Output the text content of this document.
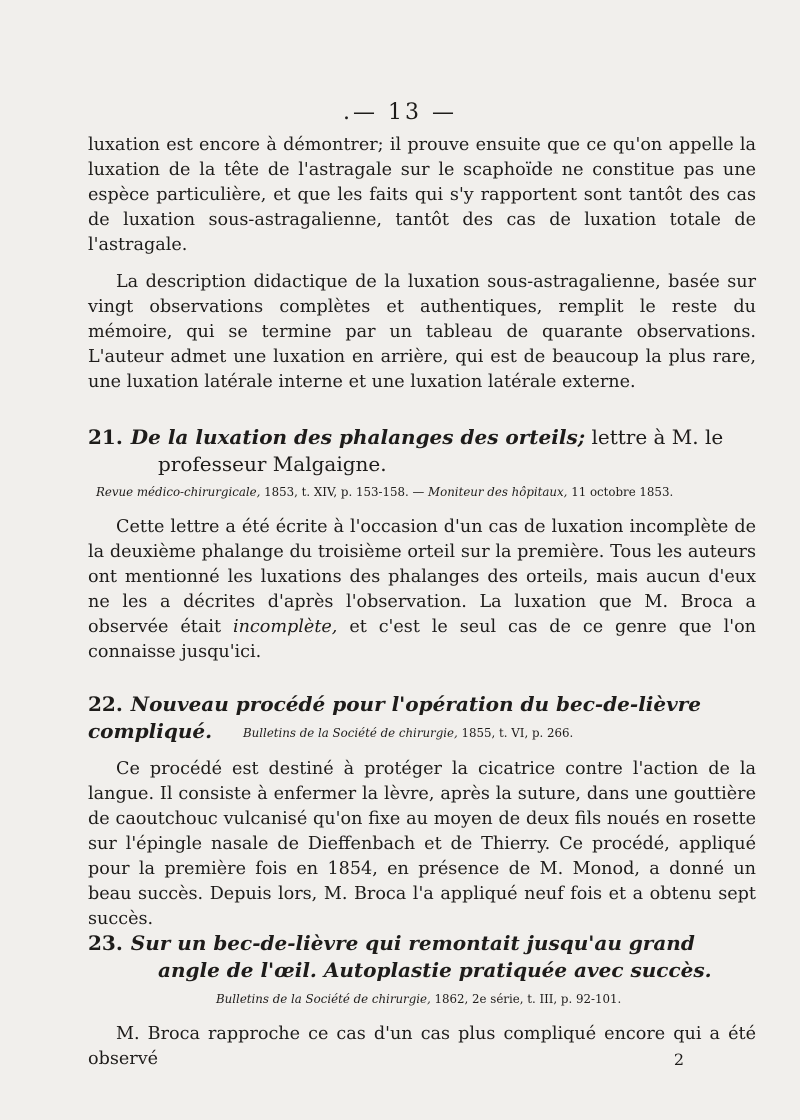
.— 13 —

luxation est encore à démontrer; il prouve ensuite que ce qu'on appelle la luxation de la tête de l'astragale sur le scaphoïde ne constitue pas une espèce particulière, et que les faits qui s'y rapportent sont tantôt des cas de luxation sous-astragalienne, tantôt des cas de luxation totale de l'astragale.

La description didactique de la luxation sous-astragalienne, basée sur vingt observations complètes et authentiques, remplit le reste du mémoire, qui se termine par un tableau de quarante observations. L'auteur admet une luxation en arrière, qui est de beaucoup la plus rare, une luxation latérale interne et une luxation latérale externe.

21. De la luxation des phalanges des orteils; lettre à M. le professeur Malgaigne.
Revue médico-chirurgicale, 1853, t. XIV, p. 153-158. — Moniteur des hôpitaux, 11 octobre 1853.

Cette lettre a été écrite à l'occasion d'un cas de luxation incomplète de la deuxième phalange du troisième orteil sur la première. Tous les auteurs ont mentionné les luxations des phalanges des orteils, mais aucun d'eux ne les a décrites d'après l'observation. La luxation que M. Broca a observée était incomplète, et c'est le seul cas de ce genre que l'on connaisse jusqu'ici.

22. Nouveau procédé pour l'opération du bec-de-lièvre compliqué.	Bulletins de la Société de chirurgie, 1855, t. VI, p. 266.

Ce procédé est destiné à protéger la cicatrice contre l'action de la langue. Il consiste à enfermer la lèvre, après la suture, dans une gouttière de caoutchouc vulcanisé qu'on fixe au moyen de deux fils noués en rosette sur l'épingle nasale de Dieffenbach et de Thierry. Ce procédé, appliqué pour la première fois en 1854, en présence de M. Monod, a donné un beau succès. Depuis lors, M. Broca l'a appliqué neuf fois et a obtenu sept succès.

23. Sur un bec-de-lièvre qui remontait jusqu'au grand angle de l'œil. Autoplastie pratiquée avec succès.
Bulletins de la Société de chirurgie, 1862, 2e série, t. III, p. 92-101.

M. Broca rapproche ce cas d'un cas plus compliqué encore qui a été observé	2
